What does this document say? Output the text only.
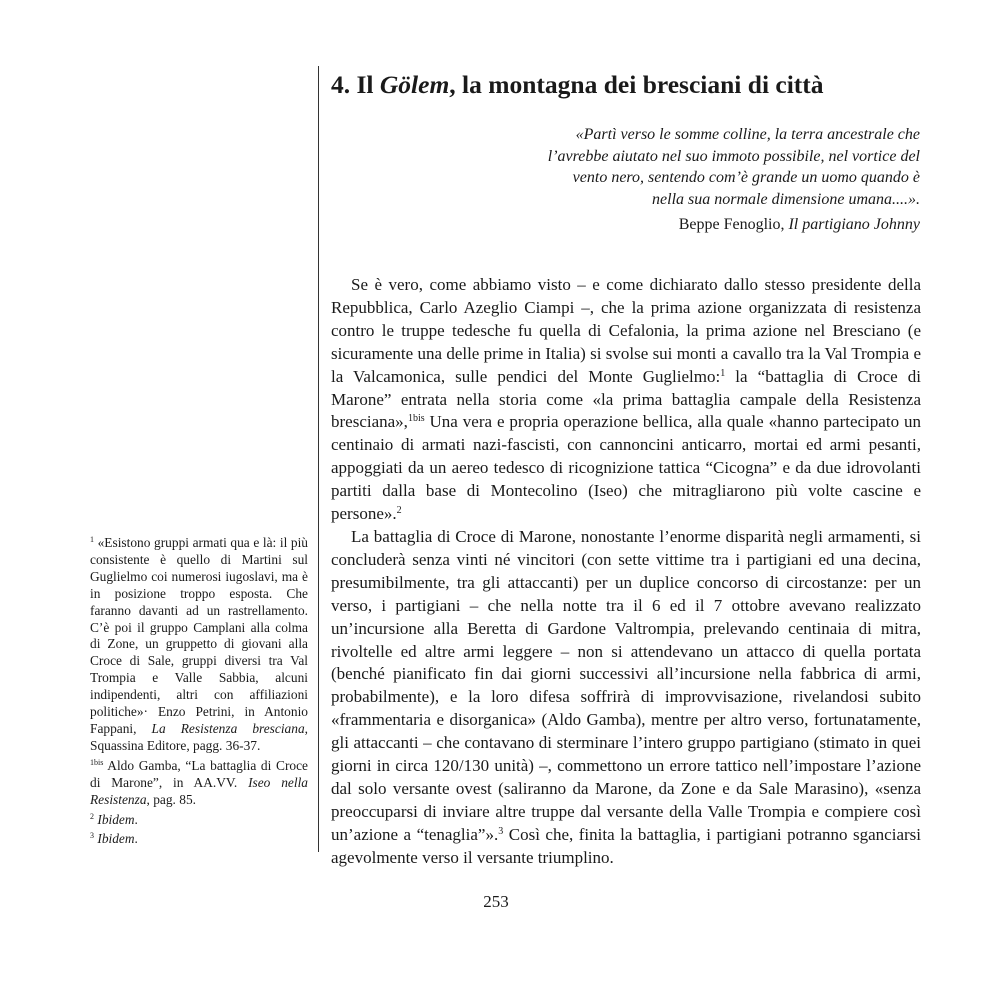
4. Il Gölem, la montagna dei bresciani di città
«Partì verso le somme colline, la terra ancestrale che
l’avrebbe aiutato nel suo immoto possibile, nel vortice del
vento nero, sentendo com’è grande un uomo quando è
nella sua normale dimensione umana....».
Beppe Fenoglio, Il partigiano Johnny

Se è vero, come abbiamo visto – e come dichiarato dallo stesso presidente della Repubblica, Carlo Azeglio Ciampi –, che la prima azione organizzata di resistenza contro le truppe tedesche fu quella di Cefalonia, la prima azione nel Bresciano (e sicuramente una delle prime in Italia) si svolse sui monti a cavallo tra la Val Trompia e la Valcamonica, sulle pendici del Monte Guglielmo:$^1$ la “battaglia di Croce di Marone” entrata nella storia come «la prima battaglia campale della Resistenza bresciana»,$^{1bis}$ Una vera e propria operazione bellica, alla quale «hanno partecipato un centinaio di armati nazi-fascisti, con cannoncini anticarro, mortai ed armi pesanti, appoggiati da un aereo tedesco di ricognizione tattica “Cicogna” e da due idrovolanti partiti dalla base di Montecolino (Iseo) che mitragliarono più volte cascine e persone».$^2$

La battaglia di Croce di Marone, nonostante l’enorme disparità negli armamenti, si concluderà senza vinti né vincitori (con sette vittime tra i partigiani ed una decina, presumibilmente, tra gli attaccanti) per un duplice concorso di circostanze: per un verso, i partigiani – che nella notte tra il 6 ed il 7 ottobre avevano realizzato un’incursione alla Beretta di Gardone Valtrompia, prelevando centinaia di mitra, rivoltelle ed altre armi leggere – non si attendevano un attacco di quella portata (benché pianificato fin dai giorni successivi all’incursione nella fabbrica di armi, probabilmente), e la loro difesa soffrirà di improvvisazione, rivelandosi subito «frammentaria e disorganica» (Aldo Gamba), mentre per altro verso, fortunatamente, gli attaccanti – che contavano di sterminare l’intero gruppo partigiano (stimato in quei giorni in circa 120/130 unità) –, commettono un errore tattico nell’impostare l’azione dal solo versante ovest (saliranno da Marone, da Zone e da Sale Marasino), «senza preoccuparsi di inviare altre truppe dal versante della Valle Trompia e compiere così un’azione a “tenaglia”».$^3$ Così che, finita la battaglia, i partigiani potranno sganciarsi agevolmente verso il versante triumplino.

$^1$ «Esistono gruppi armati qua e là: il più consistente è quello di Martini sul Guglielmo coi numerosi iugoslavi, ma è in posizione troppo esposta. Che faranno davanti ad un rastrellamento. C’è poi il gruppo Camplani alla colma di Zone, un gruppetto di giovani alla Croce di Sale, gruppi diversi tra Val Trompia e Valle Sabbia, alcuni indipendenti, altri con affiliazioni politiche»· Enzo Petrini, in Antonio Fappani, La Resistenza bresciana, Squassina Editore, pagg. 36-37.

$^{1bis}$ Aldo Gamba, “La battaglia di Croce di Marone”, in AA.VV. Iseo nella Resistenza, pag. 85.

$^2$ Ibidem.

$^3$ Ibidem.

253
